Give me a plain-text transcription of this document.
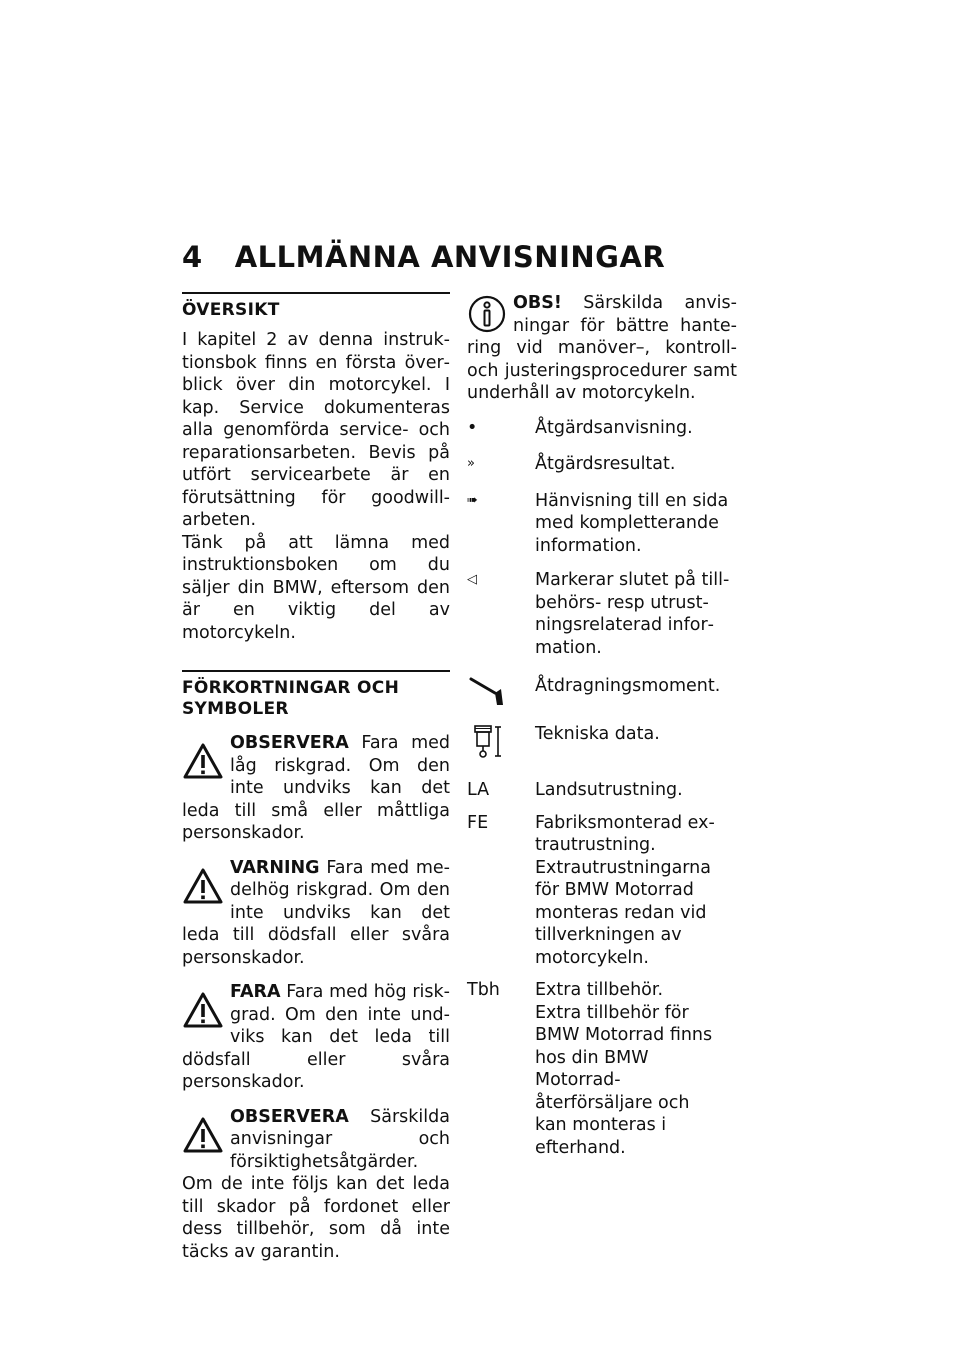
4 ALLMÄNNA ANVISNINGAR
ÖVERSIKT

I kapitel 2 av denna instruktionsbok finns en första överblick över din motorcykel. I kap. Service dokumenteras alla genomförda service- och reparationsarbeten. Bevis på utfört servicearbete är en förutsättning för goodwill-arbeten.

Tänk på att lämna med instruktionsboken om du säljer din BMW, eftersom den är en viktig del av motorcykeln.

FÖRKORTNINGAR OCH SYMBOLER
OBSERVERA Fara med låg riskgrad. Om den inte undviks kan det leda till små eller måttliga personskador.
VARNING Fara med medelhög riskgrad. Om den inte undviks kan det leda till dödsfall eller svåra personskador.
FARA Fara med hög riskgrad. Om den inte undviks kan det leda till dödsfall eller svåra personskador.
OBSERVERA Särskilda anvisningar och försiktighetsåtgärder. Om de inte följs kan det leda till skador på fordonet eller dess tillbehör, som då inte täcks av garantin.
OBS! Särskilda anvisningar för bättre hantering vid manöver–, kontroll- och justeringsprocedurer samt underhåll av motorcykeln.
•	Åtgärdsanvisning.
»	Åtgärdsresultat.
➠	Hänvisning till en sida med kompletterande information.
◁	Markerar slutet på tillbehörs- resp utrustningsrelaterad information.
Åtdragningsmoment.
Tekniska data.
LA	Landsutrustning.
FE	Fabriksmonterad extrautrustning.
Extrautrustningarna för BMW Motorrad monteras redan vid tillverkningen av motorcykeln.
Tbh	Extra tillbehör.
Extra tillbehör för BMW Motorrad finns hos din BMW Motorrad-återförsäljare och kan monteras i efterhand.
